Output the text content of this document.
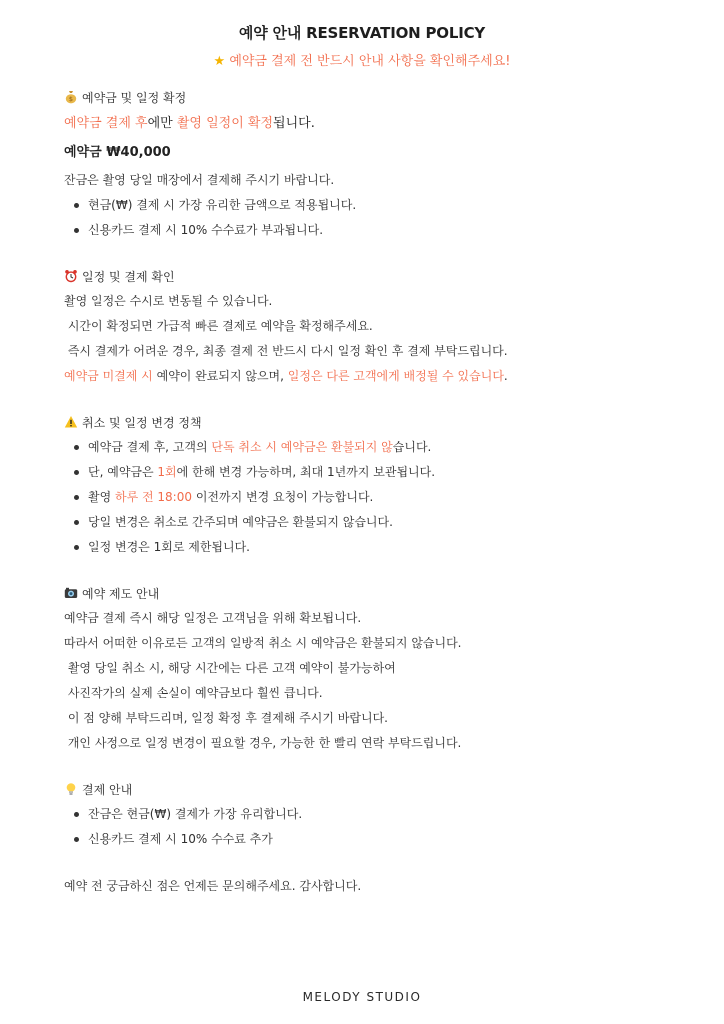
예약 안내 RESERVATION POLICY
★ 예약금 결제 전 반드시 안내 사항을 확인해주세요!
$ 예약금 및 일정 확정
예약금 결제 후에만 촬영 일정이 확정됩니다.
예약금 ₩40,000
잔금은 촬영 당일 매장에서 결제해 주시기 바랍니다.
현금(₩) 결제 시 가장 유리한 금액으로 적용됩니다.
신용카드 결제 시 10% 수수료가 부과됩니다.
일정 및 결제 확인
촬영 일정은 수시로 변동될 수 있습니다.
시간이 확정되면 가급적 빠른 결제로 예약을 확정해주세요.
즉시 결제가 어려운 경우, 최종 결제 전 반드시 다시 일정 확인 후 결제 부탁드립니다.
예약금 미결제 시 예약이 완료되지 않으며, 일정은 다른 고객에게 배정될 수 있습니다.
취소 및 일정 변경 정책
예약금 결제 후, 고객의 단독 취소 시 예약금은 환불되지 않습니다.
단, 예약금은 1회에 한해 변경 가능하며, 최대 1년까지 보관됩니다.
촬영 하루 전 18:00 이전까지 변경 요청이 가능합니다.
당일 변경은 취소로 간주되며 예약금은 환불되지 않습니다.
일정 변경은 1회로 제한됩니다.
예약 제도 안내
예약금 결제 즉시 해당 일정은 고객님을 위해 확보됩니다.
따라서 어떠한 이유로든 고객의 일방적 취소 시 예약금은 환불되지 않습니다.
촬영 당일 취소 시, 해당 시간에는 다른 고객 예약이 불가능하여
사진작가의 실제 손실이 예약금보다 훨씬 큽니다.
이 점 양해 부탁드리며, 일정 확정 후 결제해 주시기 바랍니다.
개인 사정으로 일정 변경이 필요할 경우, 가능한 한 빨리 연락 부탁드립니다.
결제 안내
잔금은 현금(₩) 결제가 가장 유리합니다.
신용카드 결제 시 10% 수수료 추가
예약 전 궁금하신 점은 언제든 문의해주세요. 감사합니다.
MELODY STUDIO
